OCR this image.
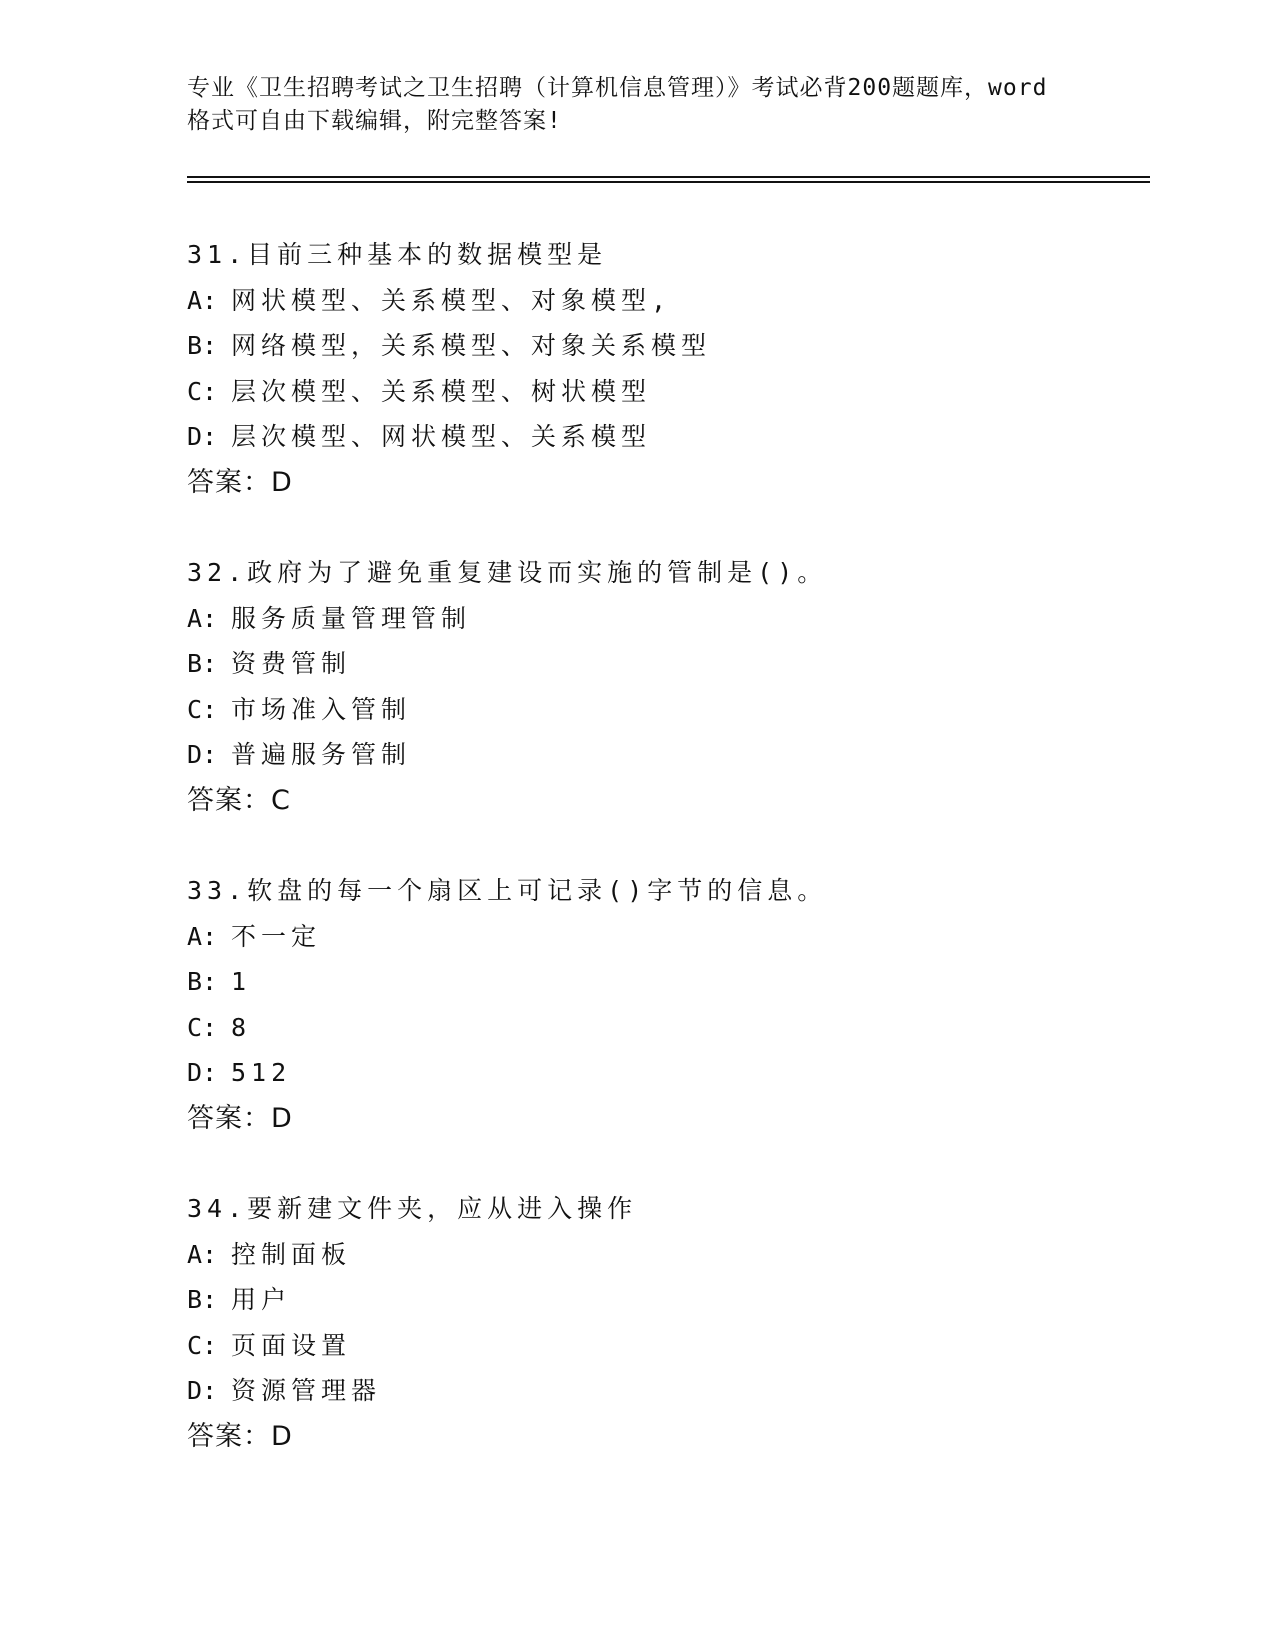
专业《卫生招聘考试之卫生招聘（计算机信息管理）》考试必背200题题库，word
格式可自由下载编辑，附完整答案!
31.目前三种基本的数据模型是
A: 网状模型、关系模型、对象模型,
B: 网络模型，关系模型、对象关系模型
C: 层次模型、关系模型、树状模型
D: 层次模型、网状模型、关系模型
答案：D
32.政府为了避免重复建设而实施的管制是()。
A: 服务质量管理管制
B: 资费管制
C: 市场准入管制
D: 普遍服务管制
答案：C
33.软盘的每一个扇区上可记录()字节的信息。
A: 不一定
B: 1
C: 8
D: 512
答案：D
34.要新建文件夹，应从进入操作
A: 控制面板
B: 用户
C: 页面设置
D: 资源管理器
答案：D
